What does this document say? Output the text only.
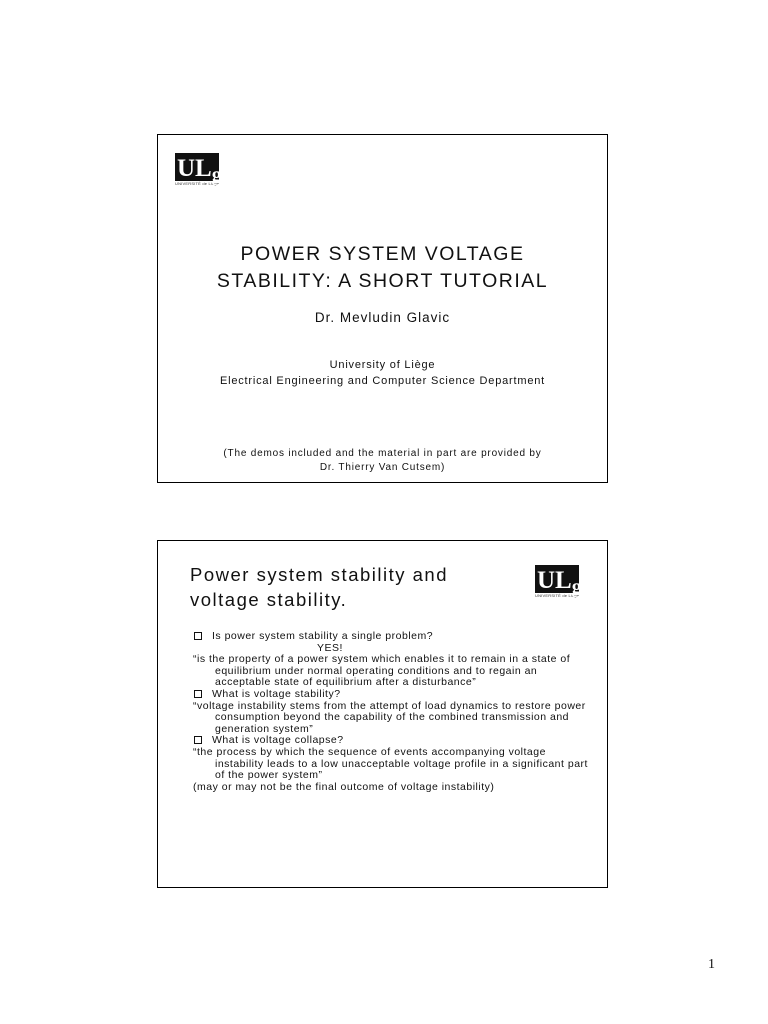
UL g
UNIVERSITÉ de Liège
POWER SYSTEM VOLTAGE
STABILITY: A SHORT TUTORIAL
Dr. Mevludin Glavic
University of Liège
Electrical Engineering and Computer Science Department
(The demos included and the material in part are provided by
Dr. Thierry Van Cutsem)
Power system stability and
voltage stability.
UL g
UNIVERSITÉ de Liège
Is power system stability a single problem?
YES!
“is the property of a power system which enables it to remain in a state of equilibrium under normal operating conditions and to regain an acceptable state of equilibrium after a disturbance”
What is voltage stability?
“voltage instability stems from the attempt of load dynamics to restore power consumption beyond the capability of the combined transmission and generation system”
What is voltage collapse?
“the process by which the sequence of events accompanying voltage instability leads to a low unacceptable voltage profile in a significant part of the power system”
(may or may not be the final outcome of voltage instability)
1
